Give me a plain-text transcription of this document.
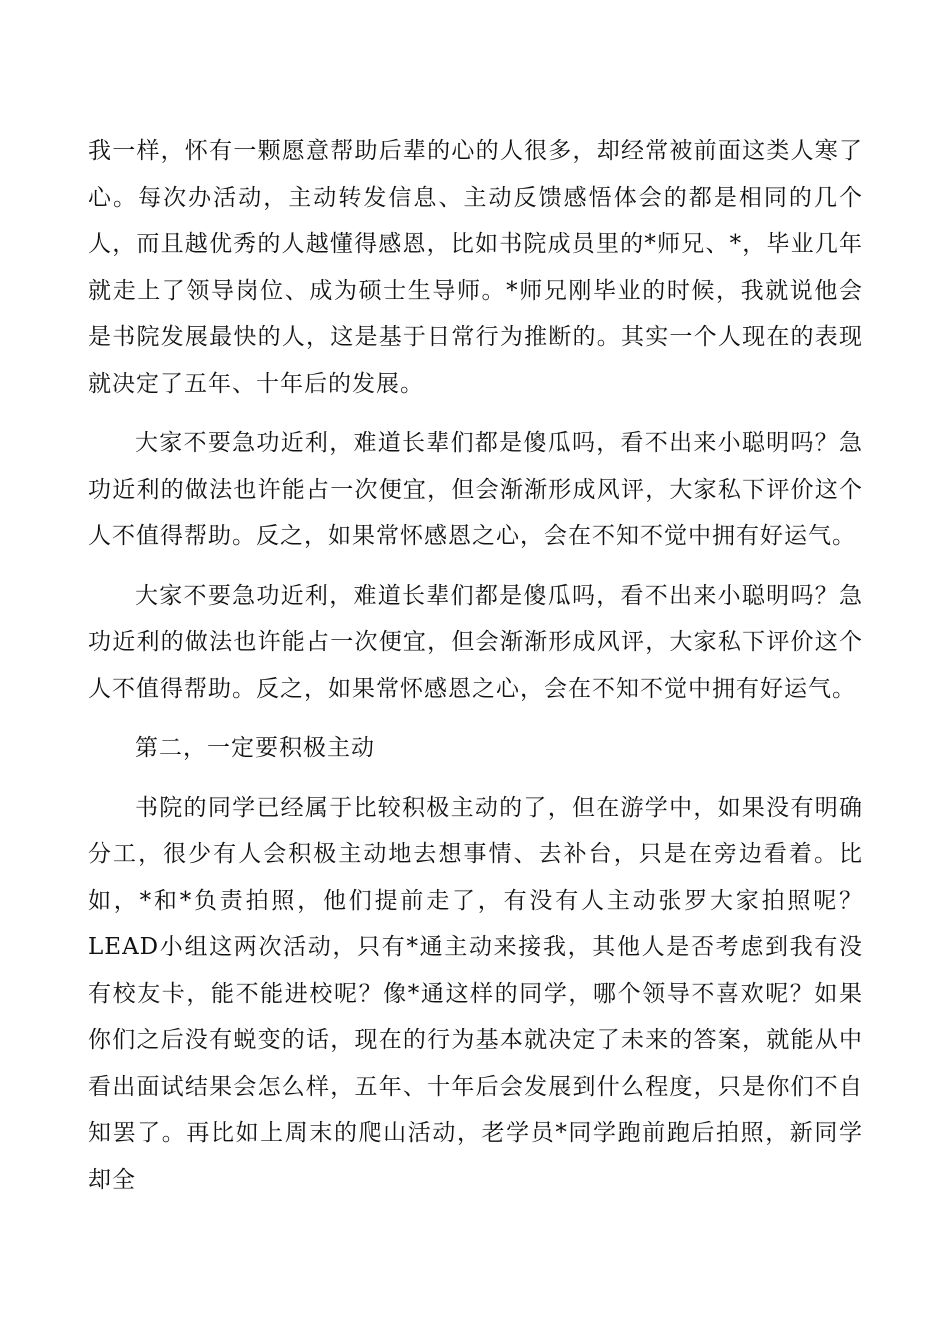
我一样，怀有一颗愿意帮助后辈的心的人很多，却经常被前面这类人寒了心。每次办活动，主动转发信息、主动反馈感悟体会的都是相同的几个人，而且越优秀的人越懂得感恩，比如书院成员里的*师兄、*，毕业几年就走上了领导岗位、成为硕士生导师。*师兄刚毕业的时候，我就说他会是书院发展最快的人，这是基于日常行为推断的。其实一个人现在的表现就决定了五年、十年后的发展。

大家不要急功近利，难道长辈们都是傻瓜吗，看不出来小聪明吗？急功近利的做法也许能占一次便宜，但会渐渐形成风评，大家私下评价这个人不值得帮助。反之，如果常怀感恩之心，会在不知不觉中拥有好运气。

大家不要急功近利，难道长辈们都是傻瓜吗，看不出来小聪明吗？急功近利的做法也许能占一次便宜，但会渐渐形成风评，大家私下评价这个人不值得帮助。反之，如果常怀感恩之心，会在不知不觉中拥有好运气。

第二，一定要积极主动

书院的同学已经属于比较积极主动的了，但在游学中，如果没有明确分工，很少有人会积极主动地去想事情、去补台，只是在旁边看着。比如，*和*负责拍照，他们提前走了，有没有人主动张罗大家拍照呢？LEAD小组这两次活动，只有*通主动来接我，其他人是否考虑到我有没有校友卡，能不能进校呢？像*通这样的同学，哪个领导不喜欢呢？如果你们之后没有蜕变的话，现在的行为基本就决定了未来的答案，就能从中看出面试结果会怎么样，五年、十年后会发展到什么程度，只是你们不自知罢了。再比如上周末的爬山活动，老学员*同学跑前跑后拍照，新同学却全
